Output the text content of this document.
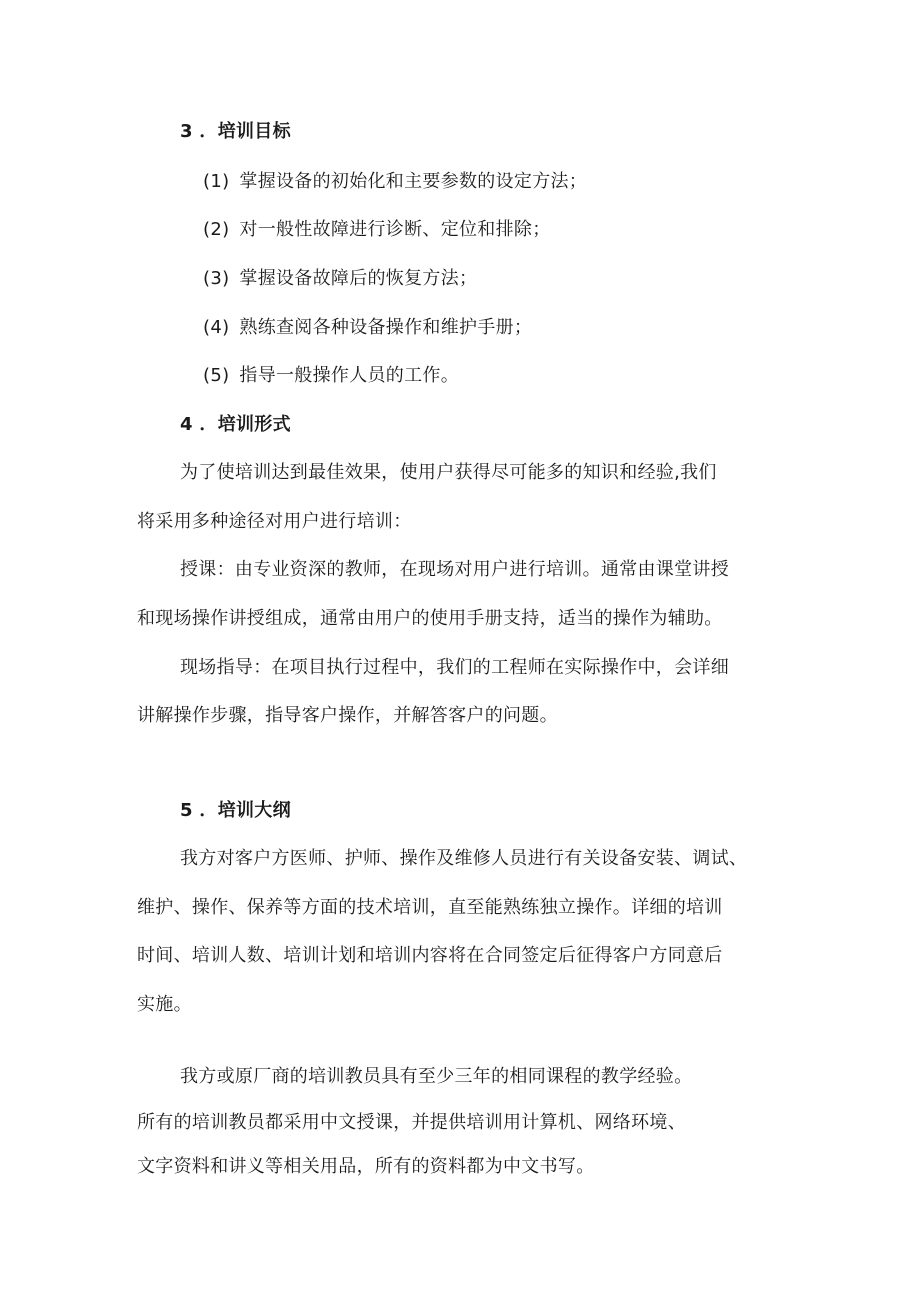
3 ．培训目标
(1) 掌握设备的初始化和主要参数的设定方法；
(2) 对一般性故障进行诊断、定位和排除；
(3) 掌握设备故障后的恢复方法；
(4) 熟练查阅各种设备操作和维护手册；
(5) 指导一般操作人员的工作。
4 ．培训形式
为了使培训达到最佳效果，使用户获得尽可能多的知识和经验,我们
将采用多种途径对用户进行培训：
授课：由专业资深的教师，在现场对用户进行培训。通常由课堂讲授
和现场操作讲授组成，通常由用户的使用手册支持，适当的操作为辅助。
现场指导：在项目执行过程中，我们的工程师在实际操作中，会详细
讲解操作步骤，指导客户操作，并解答客户的问题。
5 ．培训大纲
我方对客户方医师、护师、操作及维修人员进行有关设备安装、调试、
维护、操作、保养等方面的技术培训，直至能熟练独立操作。详细的培训
时间、培训人数、培训计划和培训内容将在合同签定后征得客户方同意后
实施。
我方或原厂商的培训教员具有至少三年的相同课程的教学经验。
所有的培训教员都采用中文授课，并提供培训用计算机、网络环境、
文字资料和讲义等相关用品，所有的资料都为中文书写。
